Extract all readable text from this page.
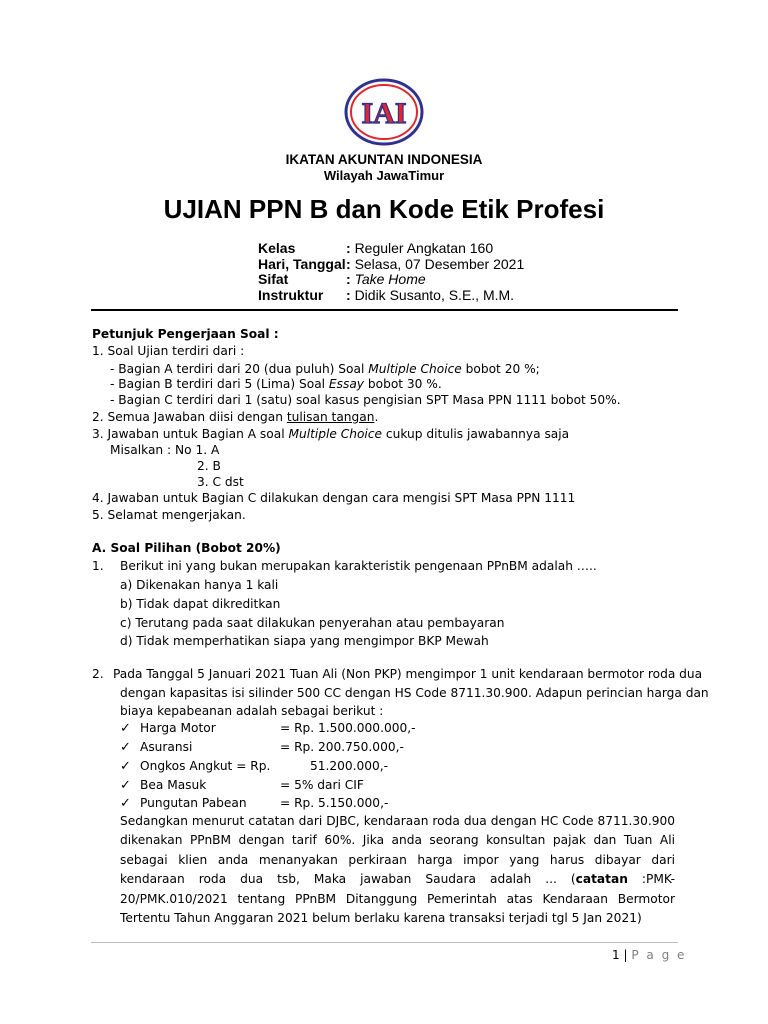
IAI
IKATAN AKUNTAN INDONESIA
Wilayah JawaTimur
UJIAN PPN B dan Kode Etik Profesi
Kelas	: Reguler Angkatan 160
Hari, Tanggal: Selasa, 07 Desember 2021
Sifat	: Take Home
Instruktur : Didik Susanto, S.E., M.M.
Petunjuk Pengerjaan Soal :
1. Soal Ujian terdiri dari :
- Bagian A terdiri dari 20 (dua puluh) Soal Multiple Choice bobot 20 %;
- Bagian B terdiri dari 5 (Lima) Soal Essay bobot 30 %.
- Bagian C terdiri dari 1 (satu) soal kasus pengisian SPT Masa PPN 1111 bobot 50%.
2. Semua Jawaban diisi dengan tulisan tangan.
3. Jawaban untuk Bagian A soal Multiple Choice cukup ditulis jawabannya saja
Misalkan : No 1. A
2. B
3. C dst
4. Jawaban untuk Bagian C dilakukan dengan cara mengisi SPT Masa PPN 1111
5. Selamat mengerjakan.
A. Soal Pilihan (Bobot 20%)
1. Berikut ini yang bukan merupakan karakteristik pengenaan PPnBM adalah …..
a) Dikenakan hanya 1 kali
b) Tidak dapat dikreditkan
c) Terutang pada saat dilakukan penyerahan atau pembayaran
d) Tidak memperhatikan siapa yang mengimpor BKP Mewah
2. Pada Tanggal 5 Januari 2021 Tuan Ali (Non PKP) mengimpor 1 unit kendaraan bermotor roda dua
dengan kapasitas isi silinder 500 CC dengan HS Code 8711.30.900. Adapun perincian harga dan
biaya kepabeanan adalah sebagai berikut :
✓ Harga Motor	= Rp. 1.500.000.000,-
✓ Asuransi	= Rp. 200.750.000,-
✓ Ongkos Angkut = Rp.	51.200.000,-
✓ Bea Masuk	= 5% dari CIF
✓ Pungutan Pabean	= Rp. 5.150.000,-
Sedangkan menurut catatan dari DJBC, kendaraan roda dua dengan HC Code 8711.30.900 dikenakan PPnBM dengan tarif 60%. Jika anda seorang konsultan pajak dan Tuan Ali sebagai klien anda menanyakan perkiraan harga impor yang harus dibayar dari kendaraan roda dua tsb, Maka jawaban Saudara adalah ... (catatan :PMK-20/PMK.010/2021 tentang PPnBM Ditanggung Pemerintah atas Kendaraan Bermotor Tertentu Tahun Anggaran 2021 belum berlaku karena transaksi terjadi tgl 5 Jan 2021)
1 | P a g e
